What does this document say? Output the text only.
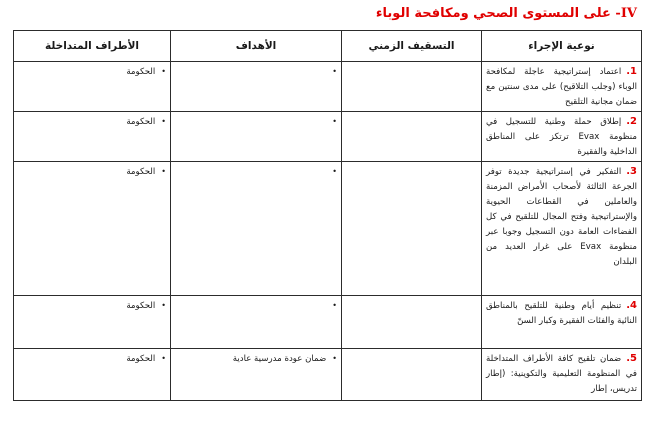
IV- على المستوى الصحي ومكافحة الوباء
نوعية الإجراء	التسقيف الزمني	الأهداف	الأطراف المتداخلة
1.اعتماد إستراتيجية عاجلة لمكافحة الوباء (وجلب التلاقيح) على مدى سنتين مع ضمان مجانية التلقيح		•	•الحكومة
2.إطلاق حملة وطنية للتسجيل في منظومة Evax ترتكز على المناطق الداخلية والفقيرة		•	•الحكومة
3.التفكير في إستراتيجية جديدة توفر الجرعة الثالثة لأصحاب الأمراض المزمنة والعاملين في القطاعات الحيوية والإستراتيجية وفتح المجال للتلقيح في كل الفضاءات العامة دون التسجيل وجوبا عبر منظومة Evax على غرار العديد من البلدان		•	•الحكومة
4.تنظيم أيام وطنية للتلقيح بالمناطق النائية والفئات الفقيرة وكبار السنّ		•	•الحكومة
5.ضمان تلقيح كافة الأطراف المتداخلة في المنظومة التعليمية والتكوينية: (إطار تدريس، إطار		•ضمان عودة مدرسية عادية	•الحكومة
